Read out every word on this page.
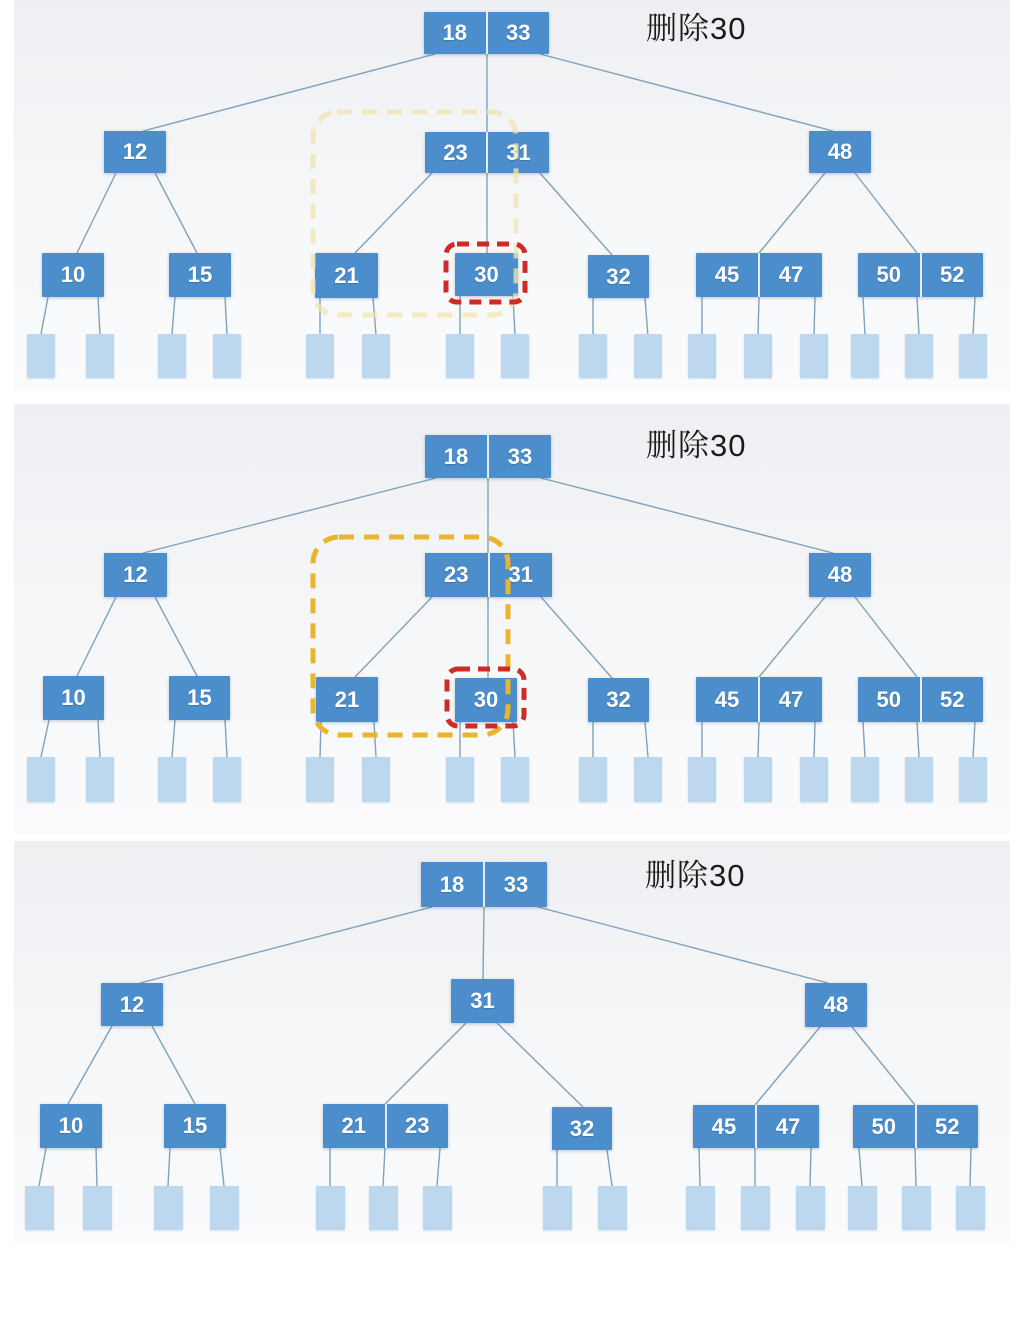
18	33
12	23	31	48
10	15	21	30	32	45	47	50	52
18	33
12	23	31	48
10	15	21	30	32	45	47	50	52
18	33
12	31	48
10	15	21	23	32	45	47	50	52
删除30
删除30
删除30
